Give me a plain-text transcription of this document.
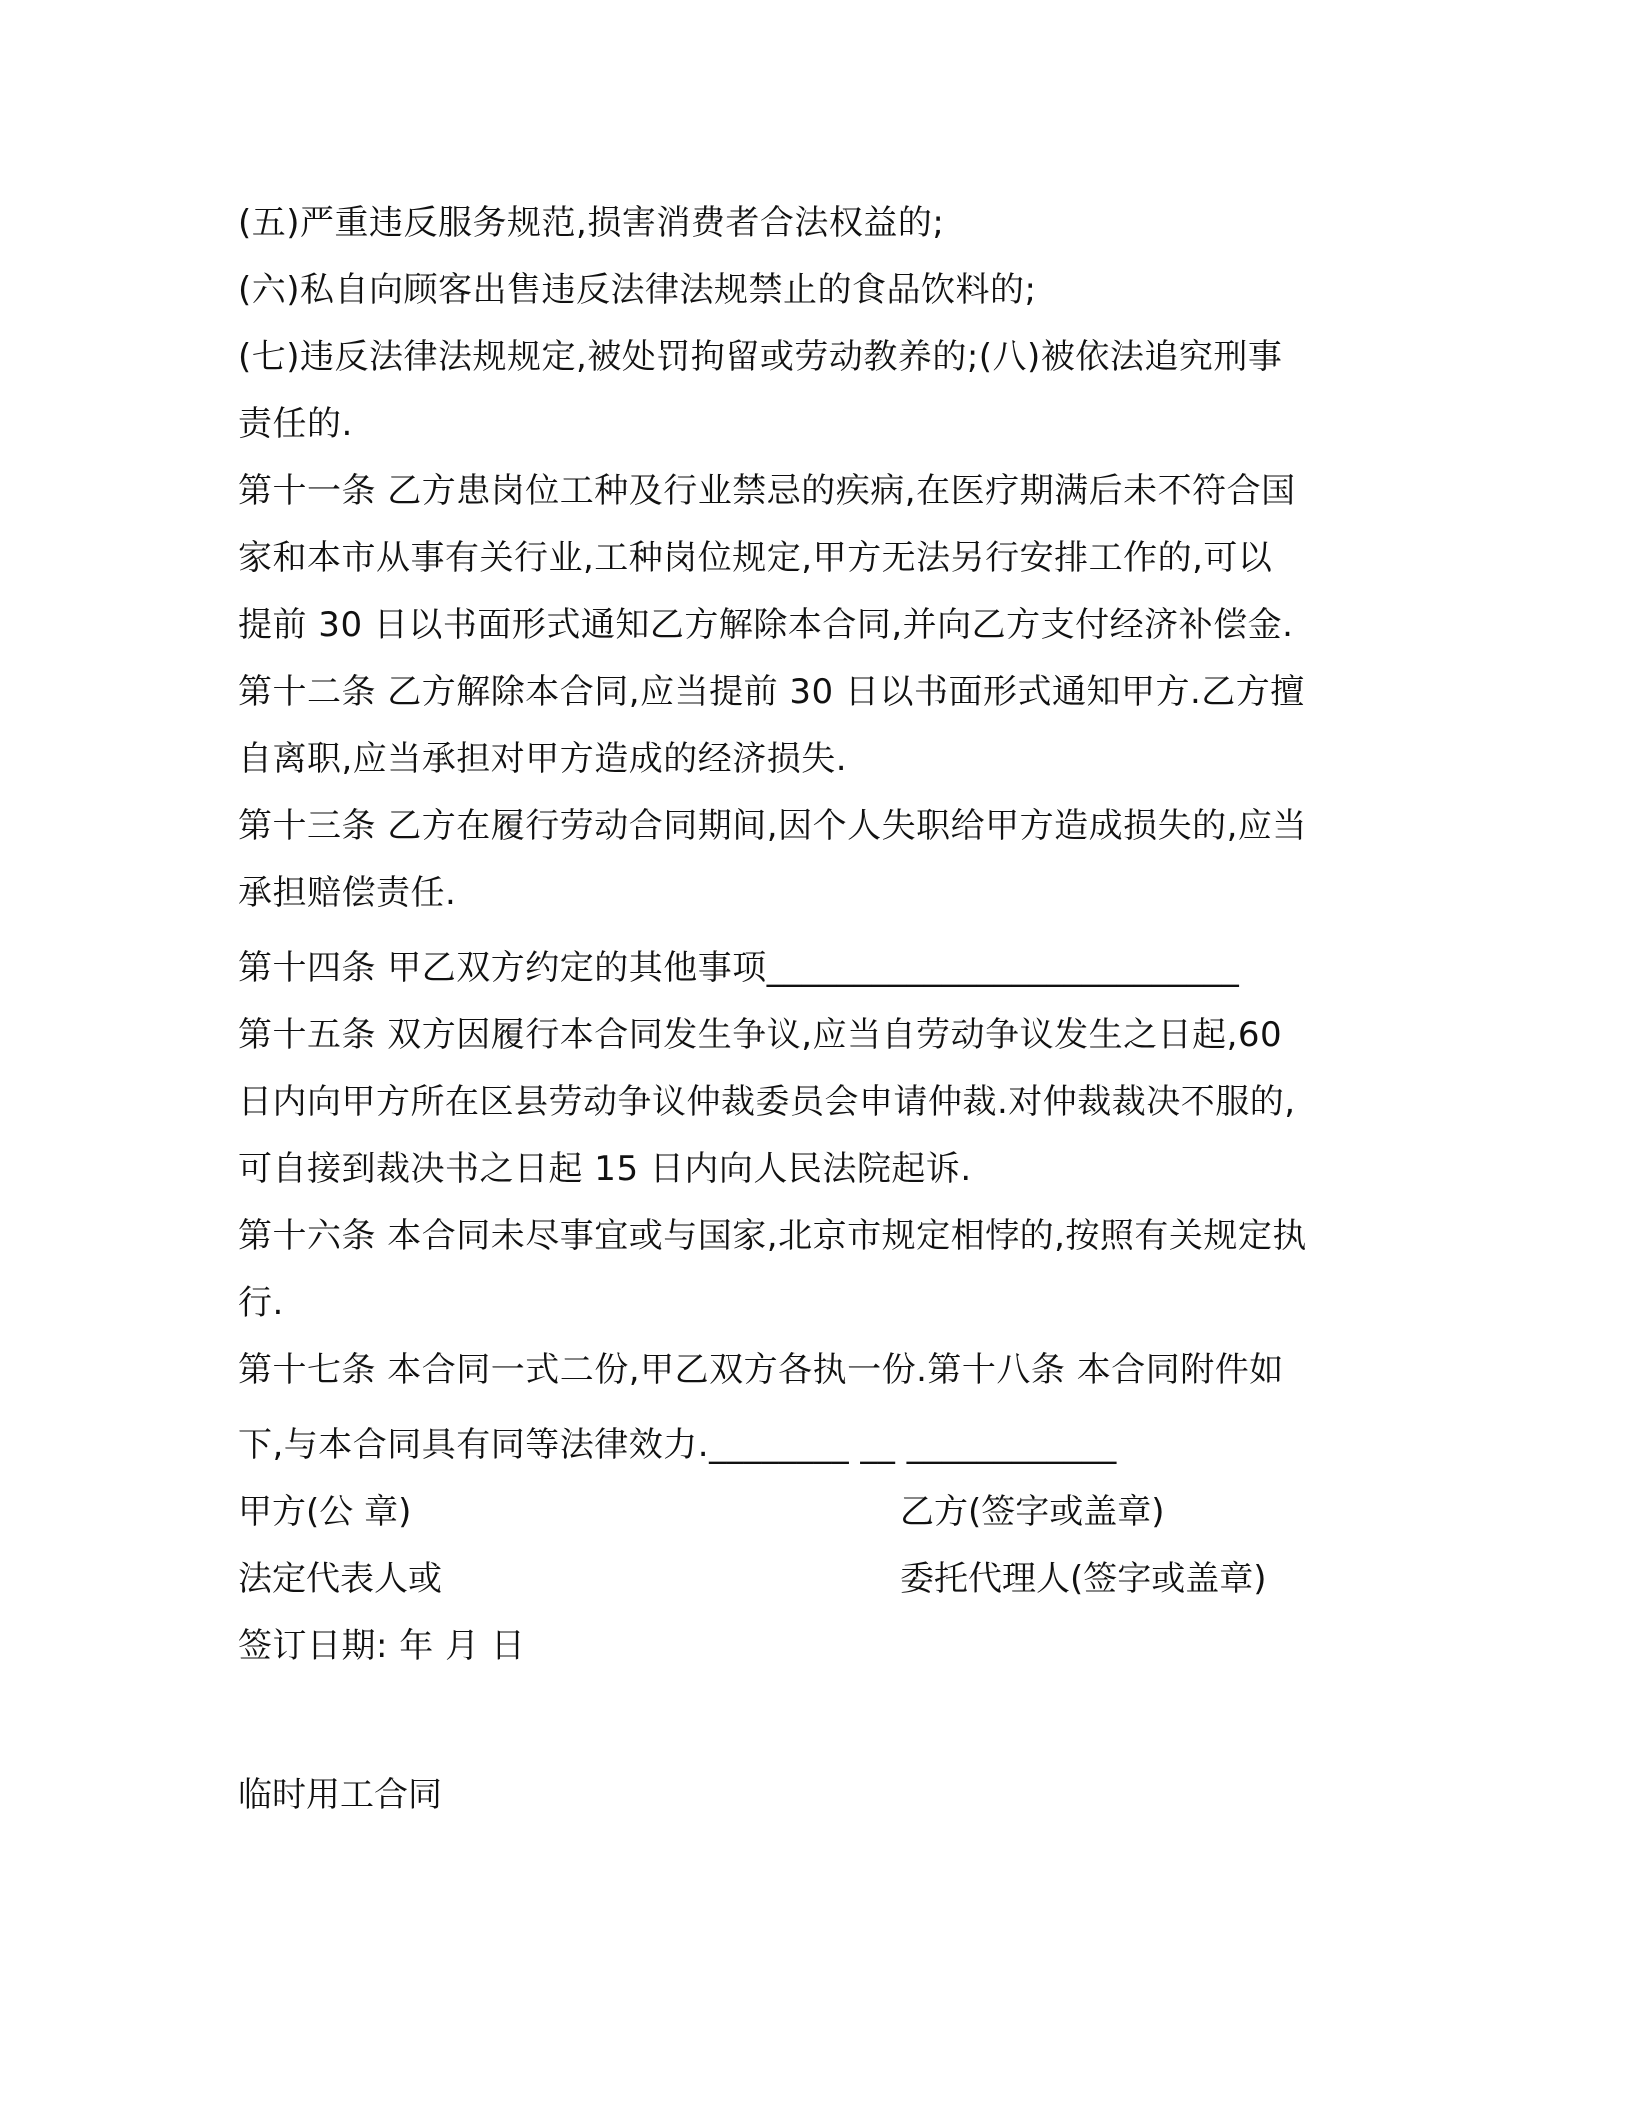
(五)严重违反服务规范,损害消费者合法权益的;
(六)私自向顾客出售违反法律法规禁止的食品饮料的;
(七)违反法律法规规定,被处罚拘留或劳动教养的;(八)被依法追究刑事
责任的.
第十一条 乙方患岗位工种及行业禁忌的疾病,在医疗期满后未不符合国
家和本市从事有关行业,工种岗位规定,甲方无法另行安排工作的,可以
提前 30 日以书面形式通知乙方解除本合同,并向乙方支付经济补偿金.
第十二条 乙方解除本合同,应当提前 30 日以书面形式通知甲方.乙方擅
自离职,应当承担对甲方造成的经济损失.
第十三条 乙方在履行劳动合同期间,因个人失职给甲方造成损失的,应当
承担赔偿责任.
第十四条 甲乙双方约定的其他事项___________________________
第十五条 双方因履行本合同发生争议,应当自劳动争议发生之日起,60
日内向甲方所在区县劳动争议仲裁委员会申请仲裁.对仲裁裁决不服的,
可自接到裁决书之日起 15 日内向人民法院起诉.
第十六条 本合同未尽事宜或与国家,北京市规定相悖的,按照有关规定执
行.
第十七条 本合同一式二份,甲乙双方各执一份.第十八条 本合同附件如
下,与本合同具有同等法律效力.________ __ ____________
甲方(公 章)	乙方(签字或盖章)
法定代表人或	委托代理人(签字或盖章)
签订日期: 年 月 日
临时用工合同
